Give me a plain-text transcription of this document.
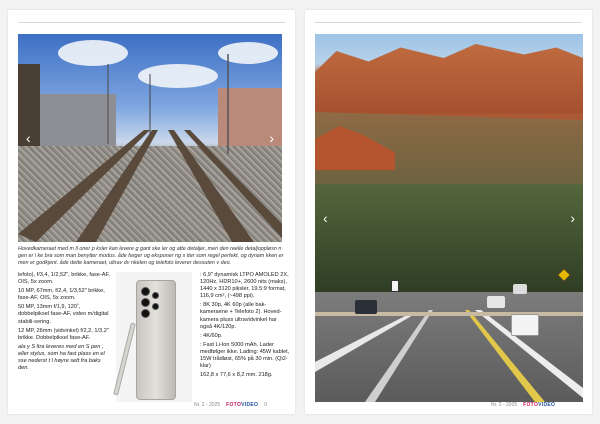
‹	›
Hovedkameraet med m ll oner p ksler kan levere g gant ske ler og atte detaljer, men den reelle detaljoppløsn n gen er l ke bra som man benytter modus. åde farger og eksponer ng s tter som regel perfekt, og dynam kken er men er godkjent. åde dette kameraet, ultrav dv nkelen og telefoto leverer dessuten v deo.

lefoto), f/3,4, 1/2,52", brikke, fase-AF, OIS, 5x zoom.

10 MP, 67mm, f/2,4, 1/3,52" brikke, fase-AF, OIS, 5x zoom.

50 MP, 13mm f/1,9, 120˚, dobbelpiksel fase-AF, video m/digital stabili-sering.

12 MP, 26mm (vidvinkel) f/2,2, 1/3,2" brikke. Dobbelpiksel fase-AF.

ala y S ltra leveres med en S pen , eller stylus, som ha fast plass en el sse nederst t l høyre sett fra baks den.

: 6,9" dynamisk LTPO AMOLED 2X, 120Hz, HDR10+, 2600 nits (maks), 1440 x 3120 piksler, 19.5:9 format, 116,9 cm², (~498 ppi).

: 8K 30p, 4K 60p (alle bak-kameraene + Telefoto 2). Hoved-kamera pluss ultravidvinkel har også 4K/120p.

: 4K/60p.

: Fast Li-Ion 5000 mAh. Lader medfølger ikke. Lading: 45W kablet, 15W trådløst, 65% på 30 min. (Qi2-klar)

162,8 x 77,6 x 8,2 mm. 218g.

Nr. 2 - 2025 FOTOVIDEO 0
‹	›
Nr. 2 - 2025 FOTOVIDEO
